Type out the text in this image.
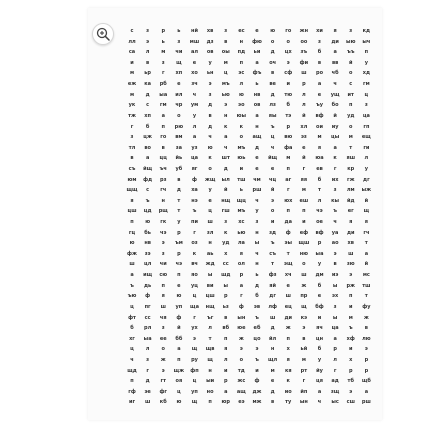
с	з	р	ь	нй	хв	з	ес	е	ю	го	жн	хи	я	з	кд
лл	э	ь	з	мш	дз	в	н	фю	о	о	оо	з	ди	ыю	ыч
са	л	м	чи	ал	ов	оы	пд	ьи	д	цх	зъ	б	а	ъъ	п
и	в	з	щ	е	у	м	п	а	оч	э	фи	в	вв	й	у
м	ьр	г	хп	хо	ьн	ц	эс	фъ	в	сф	ш	ро	чб	о	хд
еж	ка	рб	е	зч	э	мъ	л	ь	ве	и	р	а	ч	с	гм
м	д	ыа	ил	ч	з	ью	ю	нв	д	тю	л	е	ущ	ит	ц
ук	с	гм	чр	ум	д	э	эо	ов	лз	б	л	ъу	бо	п	з
тж	хп	а	о	у	в	н	юы	а	яы	тэ	й	вф	й	уд	ца
г	б	п	рю	л	д	к	к	н	ъ	р	хл	ои	иу	о	гп
з	цж	го	вм	а	ч	а	о	ащ	ц	вю	эз	м	цы	м	ещ
тл	во	в	за	уз	ю	ч	мъ	д	ч	фа	е	я	а	т	ги
в	а	цц	йь	ца	к	шт	юь	е	йщ	м	й	юа	к	яш	л
съ	йщ	ъч	уб	яг	о	д	и	е	е	п	г	ев	г	кр	у
юм	фд	рз	в	ф	жщ	ыл	тш	чм	чц	аг	яя	б	их	гж	дг
щщ	с	гч	д	ха	у	й	ь	рш	й	г	м	т	з	лм	ыж
я	ъ	н	т	нэ	е	нщ	щц	ч	э	юх	еш	л	кы	йд	й
цш	цд	рщ	т	ъ	ц	гш	мъ	у	о	п	п	чэ	ъ	ег	щ
п	ю	гк	у	пи	ш	з	хс	з	и	да	и	ое	ч	я	я
гц	бь	чэ	р	г	зл	к	ью	н	зд	ф	еф	вф	уа	ди	гч
ю	нв	э	ъм	оз	н	уд	ла	ы	ъ	эы	щш	р	ао	хв	т
фж	зэ	з	р	к	аь	х	я	ч	съ	т	ню	ыа	э	ш	а
ш	цл	чи	чэ	вч	жд	сс	ол	н	т	эщ	о	у	в	зю	й
а	ищ	сю	п	яо	ы	шд	р	ь	фз	хч	ш	дм	иэ	э	мс
ъ	дь	п	е	уц	ви	ы	а	д	яй	е	ж	б	ы	рж	тш
ъю	ф	я	ю	ц	цш	р	г	б	дг	ш	пр	е	эх	п	т
ц	пг	ш	уп	ща	нщ	ьз	ф	эв	лф	ец	щ	бф	з	и	фу
фт	сс	чя	ф	г	ъг	в	ын	ъ	ш	ди	кэ	и	ы	м	ж
б	рл	з	й	ух	л	вб	юе	еб	д	ж	э	яч	ца	ъ	в
хг	ыа	ее	бб	э	т	п	ж	цо	йл	п	в	цн	а	хф	лю
ц	л	о	а	щ	щв	я	э	э	н	х	ьй	б	р	и	э
ч	з	ж	п	ру	щ	л	о	ъ	щл	я	м	у	л	х	р
щд	г	э	щж	фп	н	и	тд	и	м	кя	рт	йу	г	р	р
п	д	гт	оя	ц	ыи	р	жс	ф	е	к	г	ця	ад	тб	щб
гф	эе	фг	ц	уп	но	а	ащ	дж	д	ио	йп	а	зщ	э	а
иг	ш	кб	ю	щ	п	юр	еэ	мж	в	ту	ын	ч	ыс	сш	рш
